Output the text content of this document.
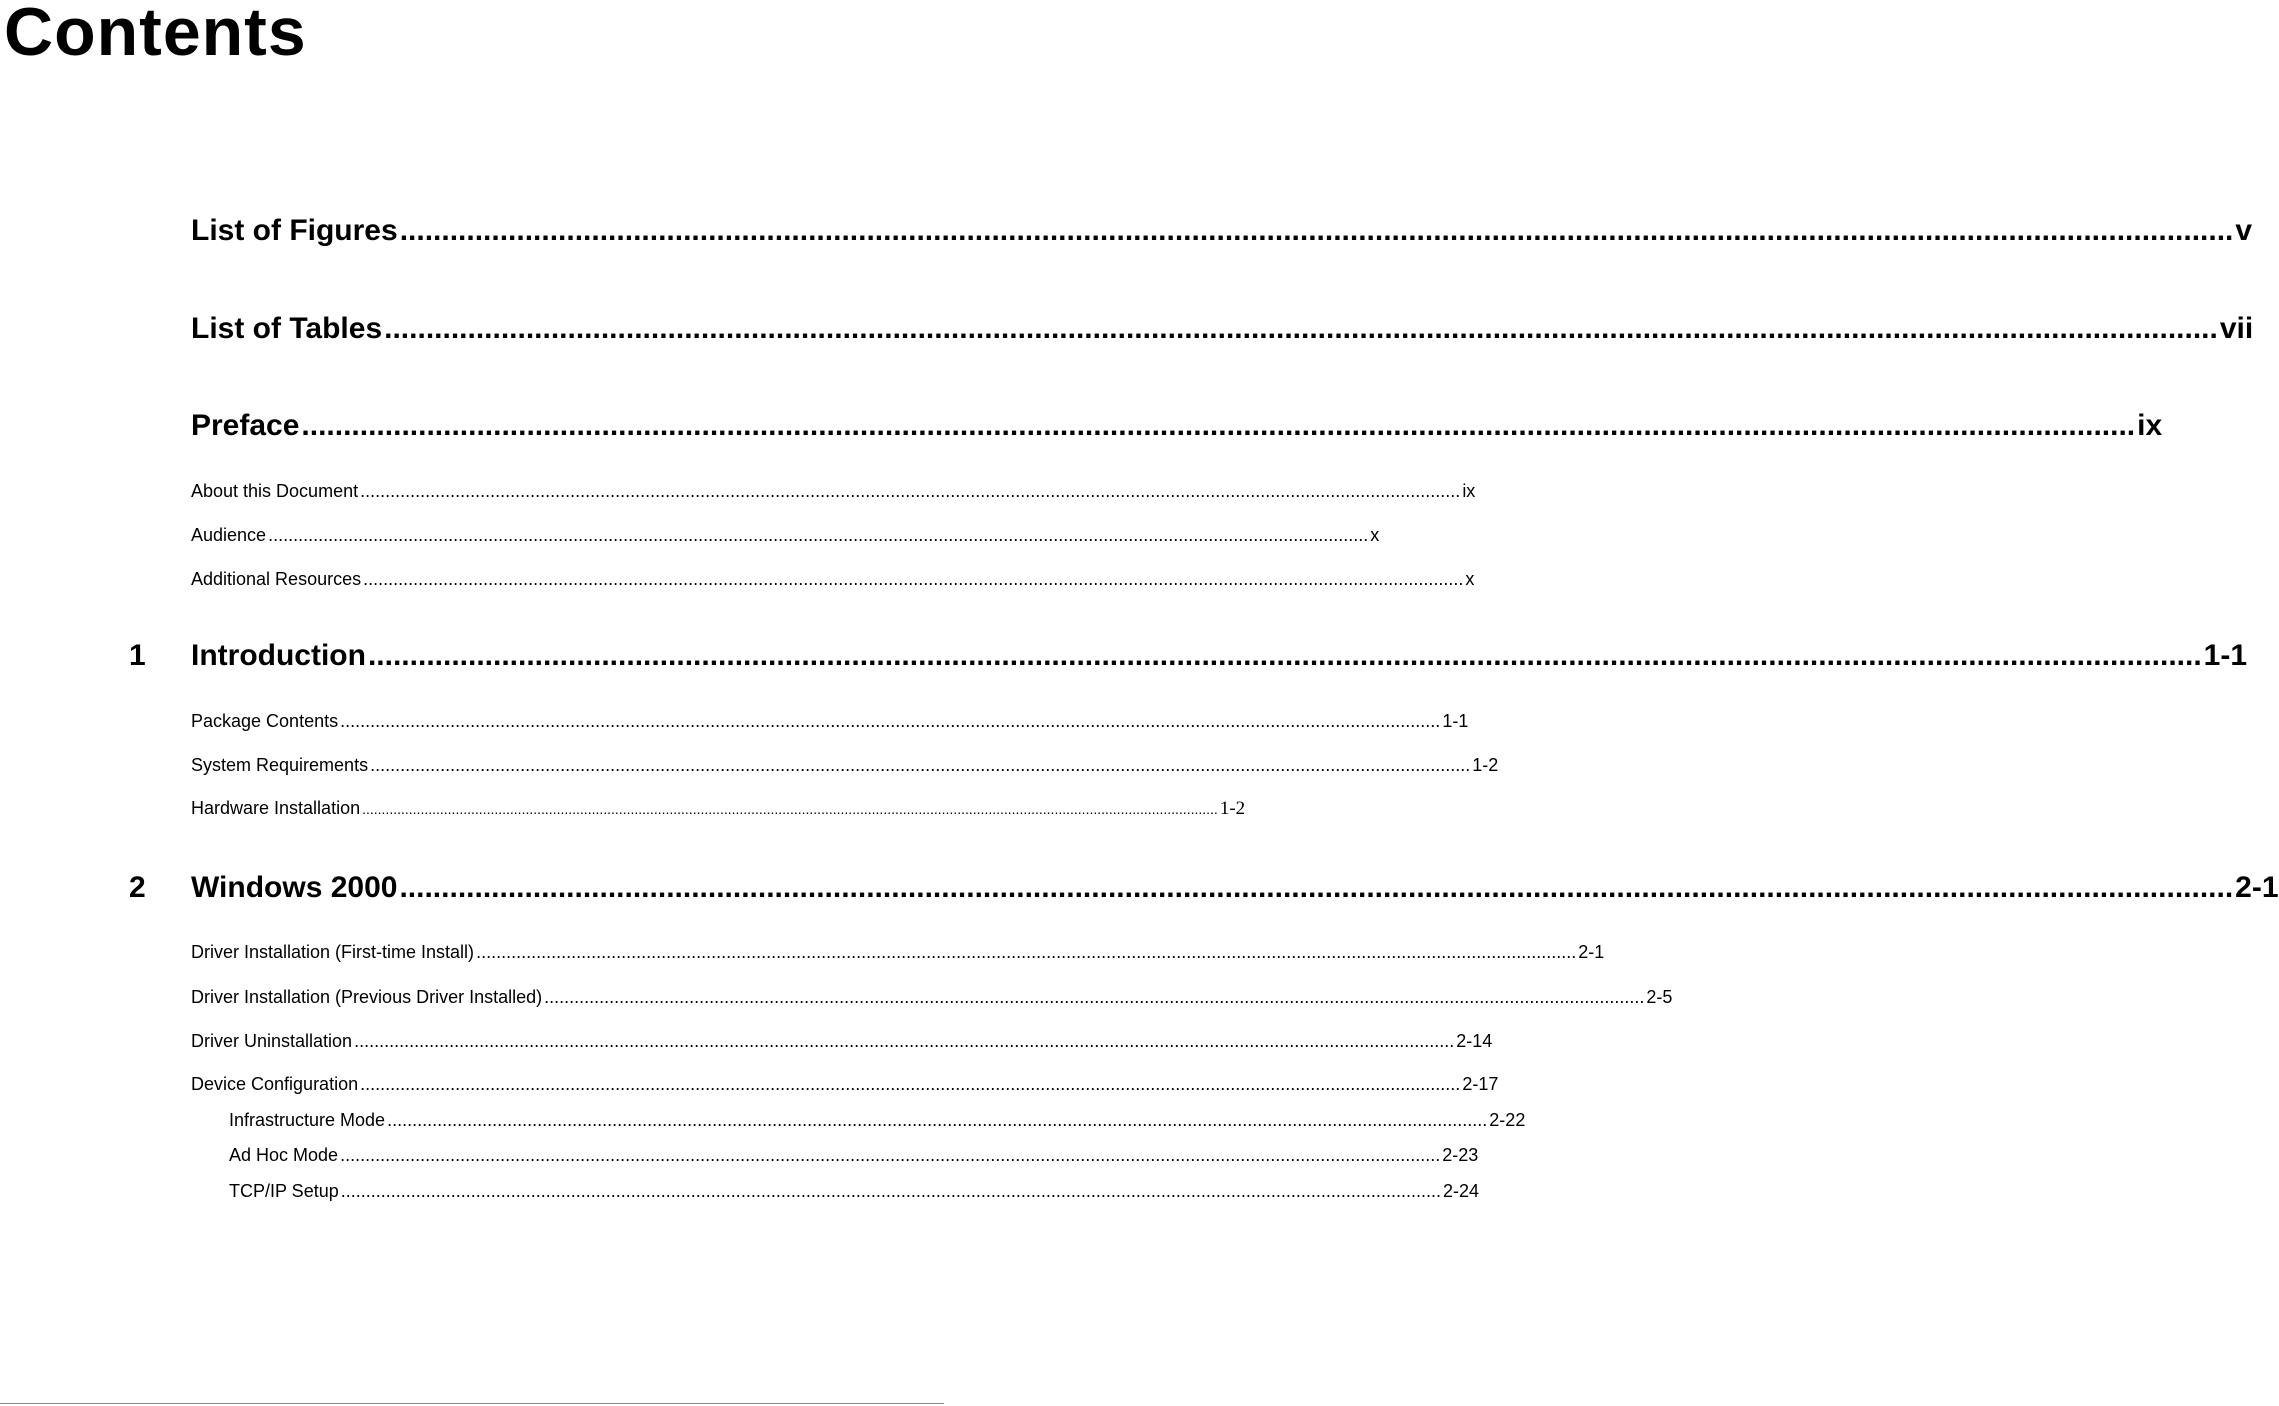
Contents
List of Figures ............................................................................................................................................................................................................................ v
List of Tables ............................................................................................................................................................................................................................ vii
Preface ............................................................................................................................................................................................................................ ix
About this Document ............................................................................................................................................................................................................................ ix
Audience ............................................................................................................................................................................................................................ x
Additional Resources ............................................................................................................................................................................................................................ x
1 Introduction ............................................................................................................................................................................................................................ 1-1
Package Contents ............................................................................................................................................................................................................................ 1-1
System Requirements ............................................................................................................................................................................................................................ 1-2
Hardware Installation ............................................................................................................................................................................................................................ 1-2
2 Windows 2000 ............................................................................................................................................................................................................................ 2-1
Driver Installation (First-time Install) ............................................................................................................................................................................................................................ 2-1
Driver Installation (Previous Driver Installed) ............................................................................................................................................................................................................................ 2-5
Driver Uninstallation ............................................................................................................................................................................................................................ 2-14
Device Configuration ............................................................................................................................................................................................................................ 2-17
Infrastructure Mode ............................................................................................................................................................................................................................ 2-22
Ad Hoc Mode ............................................................................................................................................................................................................................ 2-23
TCP/IP Setup ............................................................................................................................................................................................................................ 2-24
